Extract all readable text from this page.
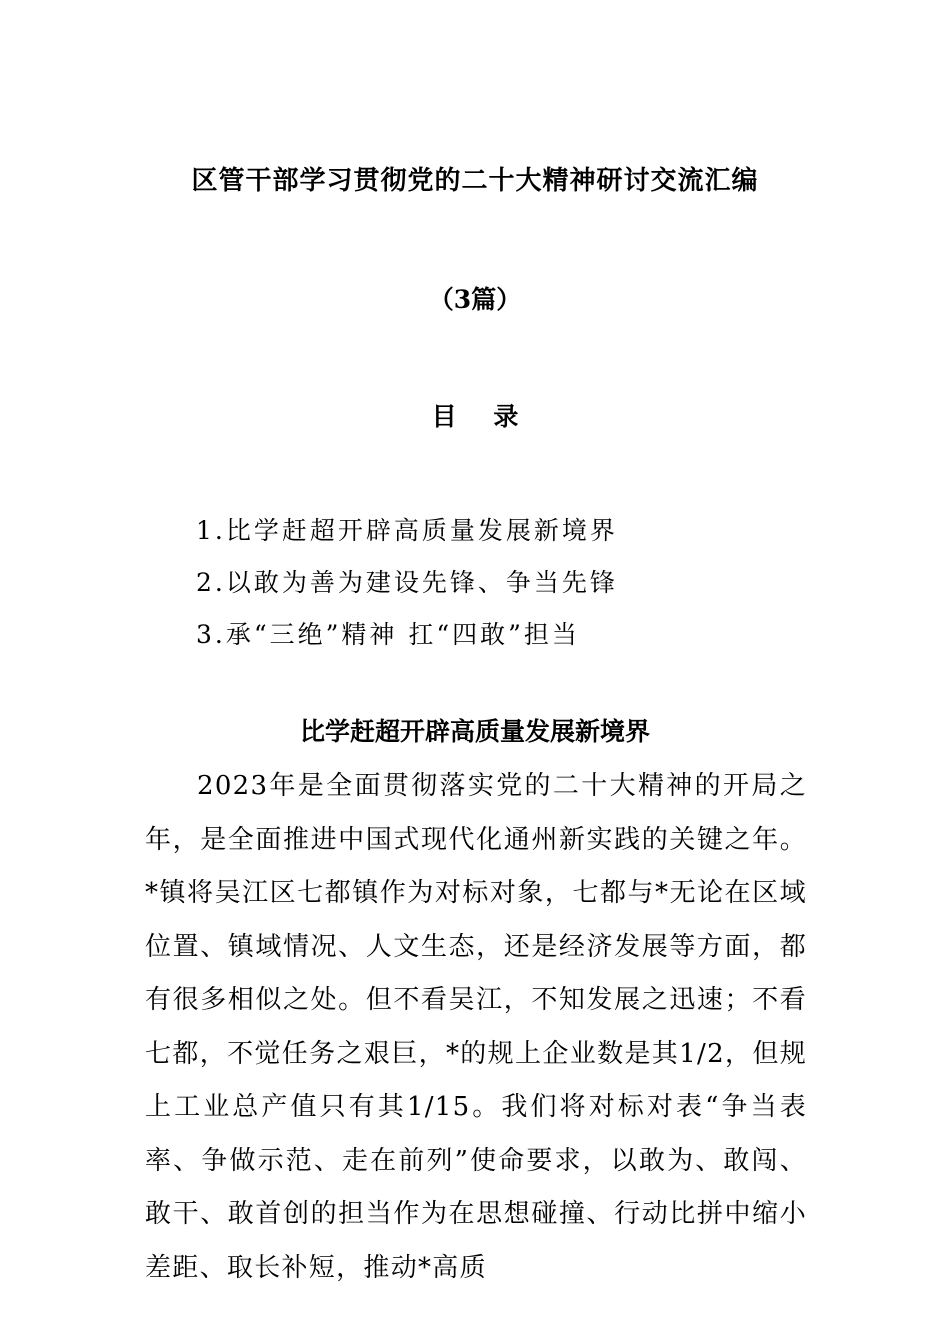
区管干部学习贯彻党的二十大精神研讨交流汇编
（3篇）
目 录
1.比学赶超开辟高质量发展新境界
2.以敢为善为建设先锋、争当先锋
3.承“三绝”精神 扛“四敢”担当
比学赶超开辟高质量发展新境界

2023年是全面贯彻落实党的二十大精神的开局之年，是全面推进中国式现代化通州新实践的关键之年。*镇将吴江区七都镇作为对标对象，七都与*无论在区域位置、镇域情况、人文生态，还是经济发展等方面，都有很多相似之处。但不看吴江，不知发展之迅速；不看七都，不觉任务之艰巨，*的规上企业数是其1/2，但规上工业总产值只有其1/15。我们将对标对表“争当表率、争做示范、走在前列”使命要求，以敢为、敢闯、敢干、敢首创的担当作为在思想碰撞、行动比拼中缩小差距、取长补短，推动*高质
